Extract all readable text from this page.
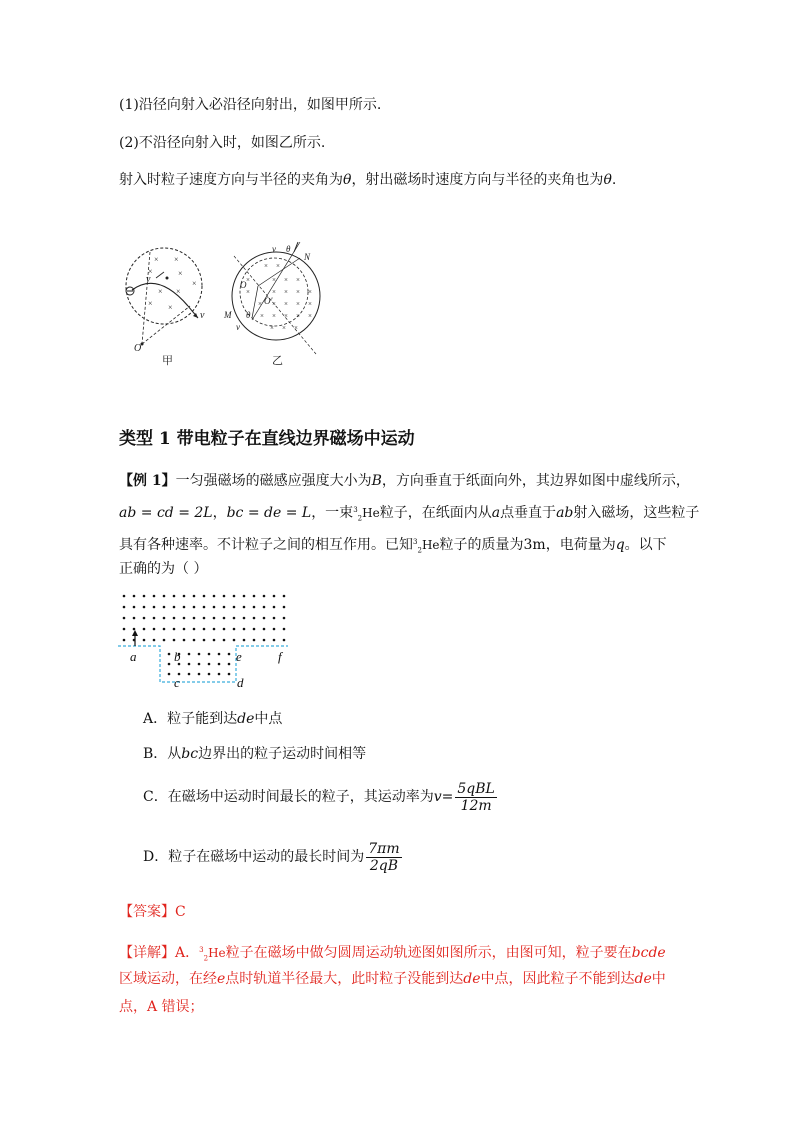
(1)沿径向射入必沿径向射出，如图甲所示.
(2)不沿径向射入时，如图乙所示.
射入时粒子速度方向与半径的夹角为θ，射出磁场时速度方向与半径的夹角也为θ.
× ×
×	×
× ×
×
× ×
v
v
O
甲
× ×
×	× × ×
×	× × × ×
× × × × ×
× × × × ×
× × ×
v θ
N
O
O′
M θ
v
乙
类型 1 带电粒子在直线边界磁场中运动
【例 1】一匀强磁场的磁感应强度大小为B，方向垂直于纸面向外，其边界如图中虚线所示，
ab = cd = 2L，bc = de = L，一束$^3_2$He粒子，在纸面内从a点垂直于ab射入磁场，这些粒子
具有各种速率。不计粒子之间的相互作用。已知$^3_2$He粒子的质量为3m，电荷量为q。以下
正确的为（ ）
a	b	e	f
c	d
A．粒子能到达de中点
B．从bc边界出的粒子运动时间相等
C．在磁场中运动时间最长的粒子，其运动率为$v= \frac{\text{5qBL}}{12m}$
D．粒子在磁场中运动的最长时间为 $\frac{7\pi m}{2qB}$
【答案】C
【详解】A．$^3_2$He粒子在磁场中做匀圆周运动轨迹图如图所示，由图可知，粒子要在bcde
区域运动，在经e点时轨道半径最大，此时粒子没能到达de中点，因此粒子不能到达de中
点，A 错误；
